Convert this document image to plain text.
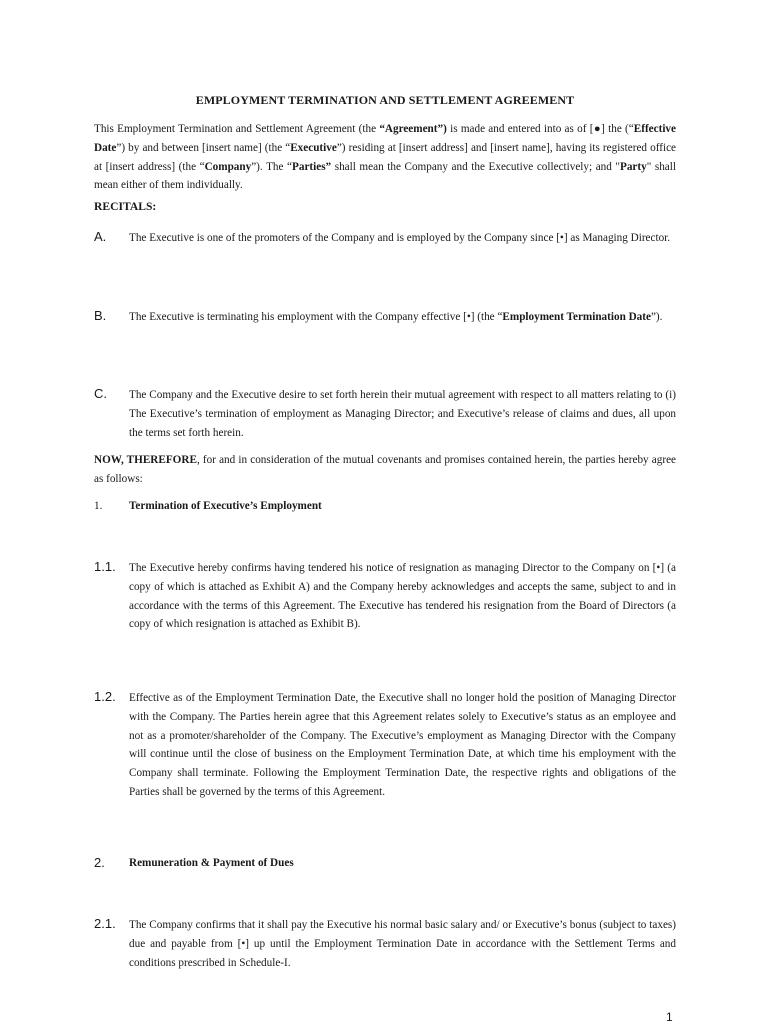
EMPLOYMENT TERMINATION AND SETTLEMENT AGREEMENT
This Employment Termination and Settlement Agreement (the “Agreement”) is made and entered into as of [●] the (“Effective Date”) by and between [insert name] (the “Executive”) residing at [insert address] and [insert name], having its registered office at [insert address] (the “Company”). The “Parties” shall mean the Company and the Executive collectively; and "Party" shall mean either of them individually.
RECITALS:
A. The Executive is one of the promoters of the Company and is employed by the Company since [•] as Managing Director.
B. The Executive is terminating his employment with the Company effective [•] (the “Employment Termination Date”).
C. The Company and the Executive desire to set forth herein their mutual agreement with respect to all matters relating to (i) The Executive’s termination of employment as Managing Director; and Executive’s release of claims and dues, all upon the terms set forth herein.
NOW, THEREFORE, for and in consideration of the mutual covenants and promises contained herein, the parties hereby agree as follows:
1. Termination of Executive’s Employment
1.1. The Executive hereby confirms having tendered his notice of resignation as managing Director to the Company on [•] (a copy of which is attached as Exhibit A) and the Company hereby acknowledges and accepts the same, subject to and in accordance with the terms of this Agreement. The Executive has tendered his resignation from the Board of Directors (a copy of which resignation is attached as Exhibit B).
1.2. Effective as of the Employment Termination Date, the Executive shall no longer hold the position of Managing Director with the Company. The Parties herein agree that this Agreement relates solely to Executive’s status as an employee and not as a promoter/shareholder of the Company. The Executive’s employment as Managing Director with the Company will continue until the close of business on the Employment Termination Date, at which time his employment with the Company shall terminate. Following the Employment Termination Date, the respective rights and obligations of the Parties shall be governed by the terms of this Agreement.
2. Remuneration & Payment of Dues
2.1. The Company confirms that it shall pay the Executive his normal basic salary and/ or Executive’s bonus (subject to taxes) due and payable from [•] up until the Employment Termination Date in accordance with the Settlement Terms and conditions prescribed in Schedule-I.
1
